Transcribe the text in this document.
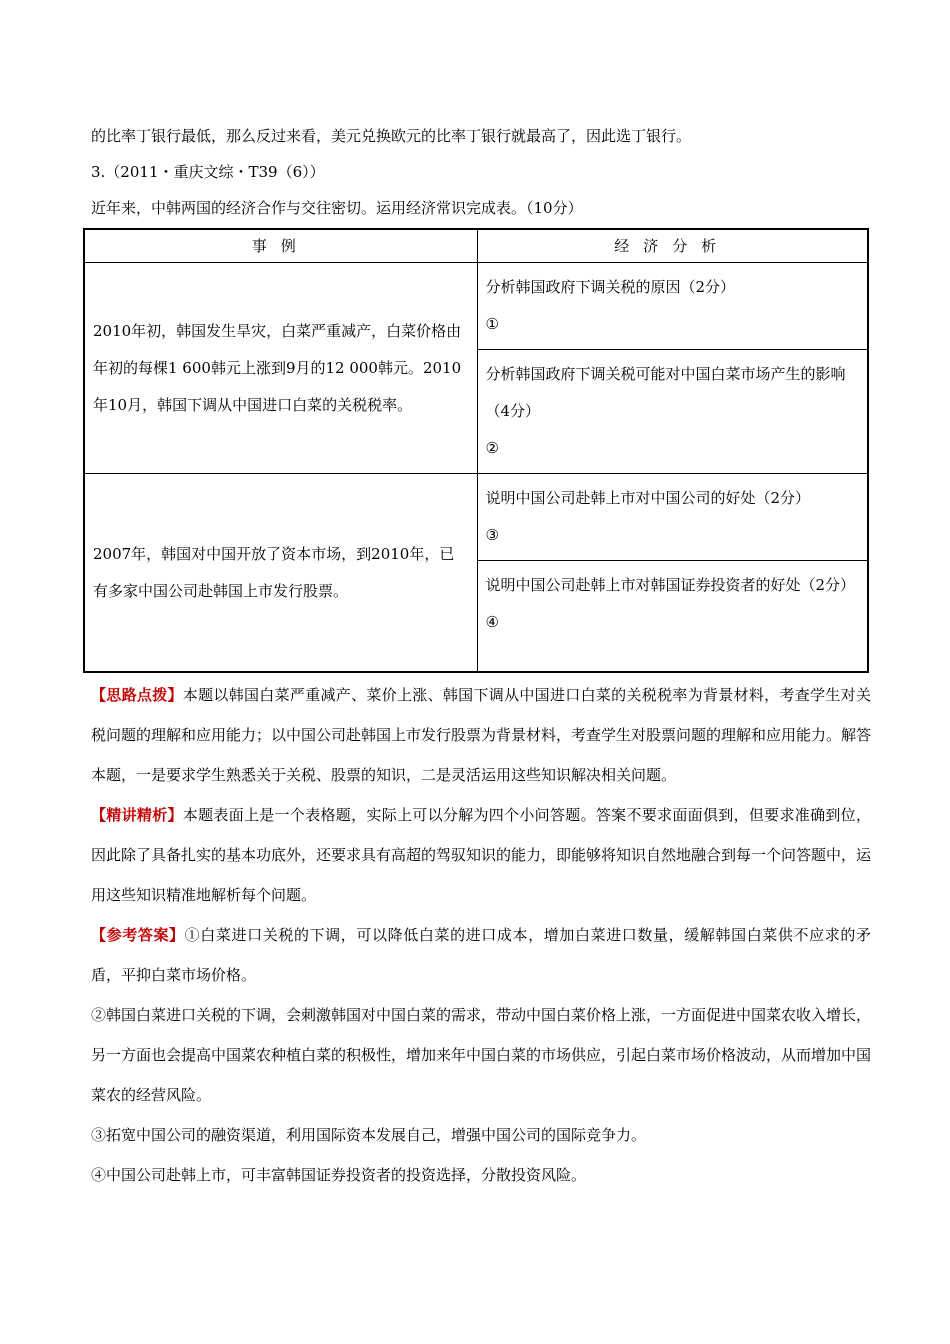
的比率丁银行最低，那么反过来看，美元兑换欧元的比率丁银行就最高了，因此选丁银行。
3.（2011・重庆文综・T39（6））
近年来，中韩两国的经济合作与交往密切。运用经济常识完成表。（10分）
事例	经济分析
2010年初，韩国发生旱灾，白菜严重减产，白菜价格由年初的每棵1 600韩元上涨到9月的12 000韩元。2010年10月，韩国下调从中国进口白菜的关税税率。	分析韩国政府下调关税的原因（2分）
①

	分析韩国政府下调关税可能对中国白菜市场产生的影响（4分）
②

2007年，韩国对中国开放了资本市场，到2010年，已有多家中国公司赴韩国上市发行股票。	说明中国公司赴韩上市对中国公司的好处（2分）
③

	说明中国公司赴韩上市对韩国证券投资者的好处（2分）
④
【思路点拨】本题以韩国白菜严重减产、菜价上涨、韩国下调从中国进口白菜的关税税率为背景材料，考查学生对关税问题的理解和应用能力；以中国公司赴韩国上市发行股票为背景材料，考查学生对股票问题的理解和应用能力。解答本题，一是要求学生熟悉关于关税、股票的知识，二是灵活运用这些知识解决相关问题。
【精讲精析】本题表面上是一个表格题，实际上可以分解为四个小问答题。答案不要求面面俱到，但要求准确到位，因此除了具备扎实的基本功底外，还要求具有高超的驾驭知识的能力，即能够将知识自然地融合到每一个问答题中，运用这些知识精准地解析每个问题。
【参考答案】①白菜进口关税的下调，可以降低白菜的进口成本，增加白菜进口数量，缓解韩国白菜供不应求的矛盾，平抑白菜市场价格。
②韩国白菜进口关税的下调，会刺激韩国对中国白菜的需求，带动中国白菜价格上涨，一方面促进中国菜农收入增长，另一方面也会提高中国菜农种植白菜的积极性，增加来年中国白菜的市场供应，引起白菜市场价格波动，从而增加中国菜农的经营风险。
③拓宽中国公司的融资渠道，利用国际资本发展自己，增强中国公司的国际竞争力。
④中国公司赴韩上市，可丰富韩国证券投资者的投资选择，分散投资风险。
